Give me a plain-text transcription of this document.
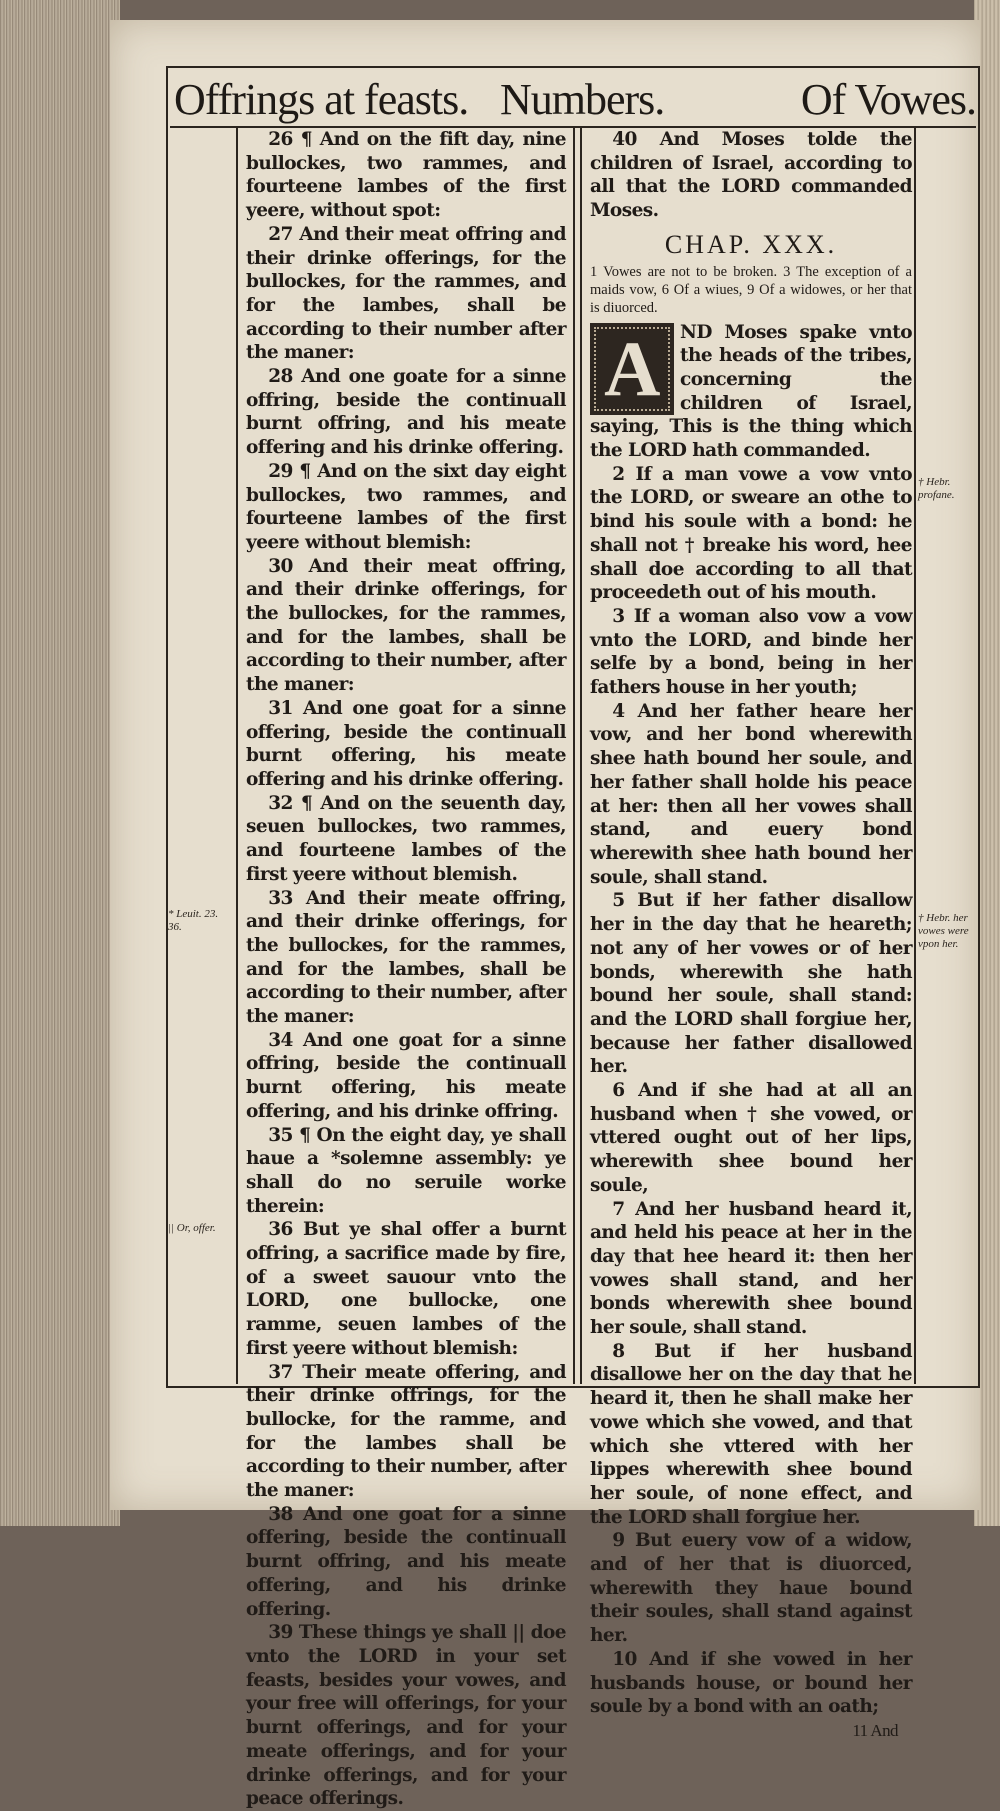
Offrings at feasts. Numbers.	Of Vowes.

26 ¶ And on the fift day, nine bullockes, two rammes, and fourteene lambes of the first yeere, without spot:

27 And their meat offring and their drinke offerings, for the bullockes, for the rammes, and for the lambes, shall be according to their number after the maner:

28 And one goate for a sinne offring, beside the continuall burnt offring, and his meate offering and his drinke offering.

29 ¶ And on the sixt day eight bullockes, two rammes, and fourteene lambes of the first yeere without blemish:

30 And their meat offring, and their drinke offerings, for the bullockes, for the rammes, and for the lambes, shall be according to their number, after the maner:

31 And one goat for a sinne offering, beside the continuall burnt offering, his meate offering and his drinke offering.

32 ¶ And on the seuenth day, seuen bullockes, two rammes, and fourteene lambes of the first yeere without blemish.

33 And their meate offring, and their drinke offerings, for the bullockes, for the rammes, and for the lambes, shall be according to their number, after the maner:

34 And one goat for a sinne offring, beside the continuall burnt offering, his meate offering, and his drinke offring.

35 ¶ On the eight day, ye shall haue a *solemne assembly: ye shall do no seruile worke therein:

36 But ye shal offer a burnt offring, a sacrifice made by fire, of a sweet sauour vnto the LORD, one bullocke, one ramme, seuen lambes of the first yeere without blemish:

37 Their meate offering, and their drinke offrings, for the bullocke, for the ramme, and for the lambes shall be according to their number, after the maner:

38 And one goat for a sinne offering, beside the continuall burnt offring, and his meate offering, and his drinke offering.

39 These things ye shall || doe vnto the LORD in your set feasts, besides your vowes, and your free will offerings, for your burnt offerings, and for your meate offerings, and for your drinke offerings, and for your peace offerings.

40 And Moses tolde the children of Israel, according to all that the LORD commanded Moses.

CHAP. XXX.
1 Vowes are not to be broken. 3 The exception of a maids vow, 6 Of a wiues, 9 Of a widowes, or her that is diuorced.
A	ND Moses spake vnto the heads of the tribes, concerning the children of Israel, saying, This is the thing which the LORD hath commanded.

2 If a man vowe a vow vnto the LORD, or sweare an othe to bind his soule with a bond: he shall not † breake his word, hee shall doe according to all that proceedeth out of his mouth.

3 If a woman also vow a vow vnto the LORD, and binde her selfe by a bond, being in her fathers house in her youth;

4 And her father heare her vow, and her bond wherewith shee hath bound her soule, and her father shall holde his peace at her: then all her vowes shall stand, and euery bond wherewith shee hath bound her soule, shall stand.

5 But if her father disallow her in the day that he heareth; not any of her vowes or of her bonds, wherewith she hath bound her soule, shall stand: and the LORD shall forgiue her, because her father disallowed her.

6 And if she had at all an husband when † she vowed, or vttered ought out of her lips, wherewith shee bound her soule,

7 And her husband heard it, and held his peace at her in the day that hee heard it: then her vowes shall stand, and her bonds wherewith shee bound her soule, shall stand.

8 But if her husband disallowe her on the day that he heard it, then he shall make her vowe which she vowed, and that which she vttered with her lippes wherewith shee bound her soule, of none effect, and the LORD shall forgiue her.

9 But euery vow of a widow, and of her that is diuorced, wherewith they haue bound their soules, shall stand against her.

10 And if she vowed in her husbands house, or bound her soule by a bond with an oath;

11 And
* Leuit. 23. 36.
|| Or, offer.
† Hebr. profane.
† Hebr. her vowes were vpon her.
